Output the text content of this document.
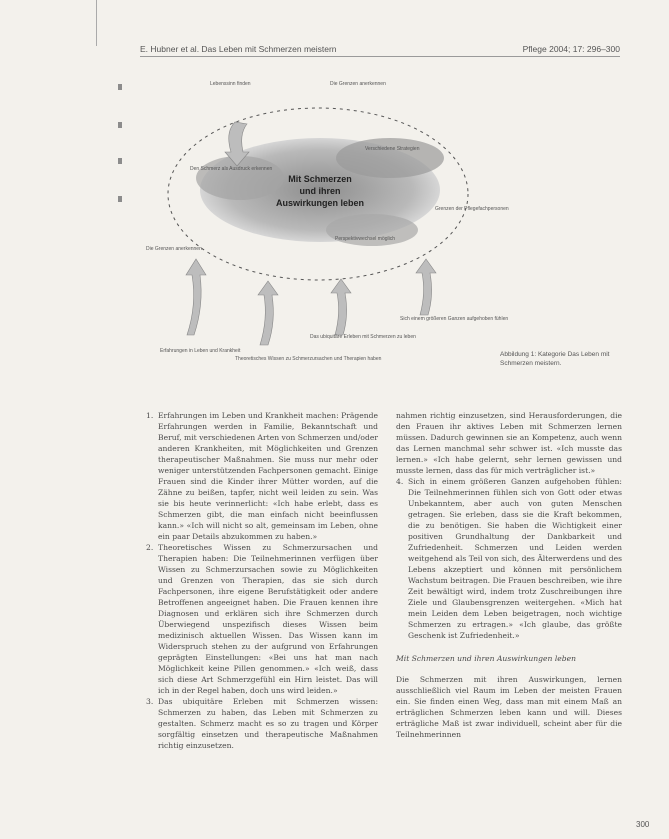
E. Hubner et al. Das Leben mit Schmerzen meistern	Pflege 2004; 17: 296–300
Mit Schmerzen
und ihren
Auswirkungen leben
Lebenssinn finden	Die Grenzen anerkennen
Verschiedene Strategien
Den Schmerz als Ausdruck erkennen
Grenzen der Pflegefachpersonen
Perspektivwechsel möglich
Die Grenzen anerkennen
Sich einem größeren Ganzen aufgehoben fühlen
Das ubiquitäre Erleben mit Schmerzen zu leben
Erfahrungen in Leben und Krankheit
Theoretisches Wissen zu Schmerzursachen und Therapien haben
Abbildung 1: Kategorie Das Leben mit Schmerzen meistern.
1. Erfahrungen im Leben und Krankheit machen: Prägende Erfahrungen werden in Familie, Bekanntschaft und Beruf, mit verschiedenen Arten von Schmerzen und/oder anderen Krankheiten, mit Möglichkeiten und Grenzen therapeutischer Maßnahmen. Sie muss nur mehr oder weniger unterstützenden Fachpersonen gemacht. Einige Frauen sind die Kinder ihrer Mütter worden, auf die Zähne zu beißen, tapfer, nicht weil leiden zu sein. Was sie bis heute verinnerlicht: «Ich habe erlebt, dass es Schmerzen gibt, die man einfach nicht beeinflussen kann.» «Ich will nicht so alt, gemeinsam im Leben, ohne ein paar Details abzukommen zu haben.»
2. Theoretisches Wissen zu Schmerzursachen und Therapien haben: Die Teilnehmerinnen verfügen über Wissen zu Schmerzursachen sowie zu Möglichkeiten und Grenzen von Therapien, das sie sich durch Fachpersonen, ihre eigene Berufstätigkeit oder andere Betroffenen angeeignet haben. Die Frauen kennen ihre Diagnosen und erklären sich ihre Schmerzen durch Überwiegend unspezifisch dieses Wissen beim medizinisch aktuellen Wissen. Das Wissen kann im Widerspruch stehen zu der aufgrund von Erfahrungen geprägten Einstellungen: «Bei uns hat man nach Möglichkeit keine Pillen genommen.» «Ich weiß, dass sich diese Art Schmerzgefühl ein Hirn leistet. Das will ich in der Regel haben, doch uns wird leiden.»
3. Das ubiquitäre Erleben mit Schmerzen wissen: Schmerzen zu haben, das Leben mit Schmerzen zu gestalten. Schmerz macht es so zu tragen und Körper sorgfältig einsetzen und therapeutische Maßnahmen richtig einzusetzen.

nahmen richtig einzusetzen, sind Herausforderungen, die den Frauen ihr aktives Leben mit Schmerzen lernen müssen. Dadurch gewinnen sie an Kompetenz, auch wenn das Lernen manchmal sehr schwer ist. «Ich musste das lernen.» «Ich habe gelernt, sehr lernen gewissen und musste lernen, dass das für mich verträglicher ist.»

4. Sich in einem größeren Ganzen aufgehoben fühlen: Die Teilnehmerinnen fühlen sich von Gott oder etwas Unbekanntem, aber auch von guten Menschen getragen. Sie erleben, dass sie die Kraft bekommen, die zu benötigen. Sie haben die Wichtigkeit einer positiven Grundhaltung der Dankbarkeit und Zufriedenheit. Schmerzen und Leiden werden weitgehend als Teil von sich, des Älterwerdens und des Lebens akzeptiert und können mit persönlichem Wachstum beitragen. Die Frauen beschreiben, wie ihre Zeit bewältigt wird, indem trotz Zuschreibungen ihre Ziele und Glaubensgrenzen weitergehen. «Mich hat mein Leiden dem Leben beigetragen, noch wichtige Schmerzen zu ertragen.» «Ich glaube, das größte Geschenk ist Zufriedenheit.»
Mit Schmerzen und ihren Auswirkungen leben

Die Schmerzen mit ihren Auswirkungen, lernen ausschließlich viel Raum im Leben der meisten Frauen ein. Sie finden einen Weg, dass man mit einem Maß an erträglichen Schmerzen leben kann und will. Dieses erträgliche Maß ist zwar individuell, scheint aber für die Teilnehmerinnen

300
